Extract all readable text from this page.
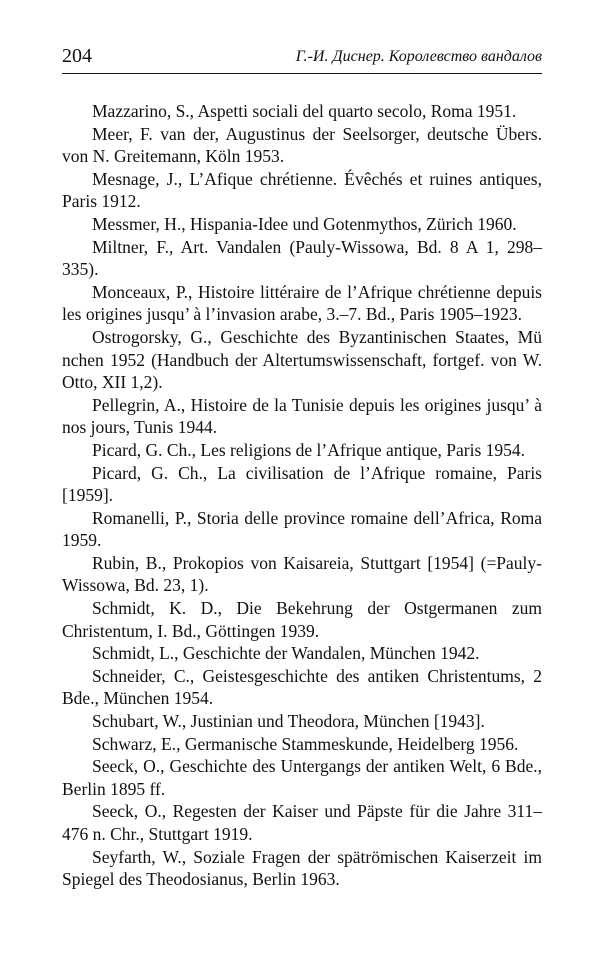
204	Г.-И. Диснер. Королевство вандалов
Mazzarino, S., Aspetti sociali del quarto secolo, Roma 1951.
Meer, F. van der, Augustinus der Seelsorger, deutsche Übers. von N. Greitemann, Köln 1953.
Mesnage, J., L’Afique chrétienne. Évêchés et ruines antiques, Paris 1912.
Messmer, H., Hispania-Idee und Gotenmythos, Zürich 1960.
Miltner, F., Art. Vandalen (Pauly-Wissowa, Bd. 8 A 1, 298–335).
Monceaux, P., Histoire littéraire de l’Afrique chrétienne depuis les origines jusqu’ à l’invasion arabe, 3.–7. Bd., Paris 1905–1923.
Ostrogorsky, G., Geschichte des Byzantinischen Staates, Mü nchen 1952 (Handbuch der Altertumswissenschaft, fortgef. von W. Otto, XII 1,2).
Pellegrin, A., Histoire de la Tunisie depuis les origines jusqu’ à nos jours, Tunis 1944.
Picard, G. Ch., Les religions de l’Afrique antique, Paris 1954.
Picard, G. Ch., La civilisation de l’Afrique romaine, Paris [1959].
Romanelli, P., Storia delle province romaine dell’Africa, Roma 1959.
Rubin, B., Prokopios von Kaisareia, Stuttgart [1954] (=Pauly-Wissowa, Bd. 23, 1).
Schmidt, K. D., Die Bekehrung der Ostgermanen zum Christentum, I. Bd., Göttingen 1939.
Schmidt, L., Geschichte der Wandalen, München 1942.
Schneider, C., Geistesgeschichte des antiken Christentums, 2 Bde., München 1954.
Schubart, W., Justinian und Theodora, München [1943].
Schwarz, E., Germanische Stammeskunde, Heidelberg 1956.
Seeck, O., Geschichte des Untergangs der antiken Welt, 6 Bde., Berlin 1895 ff.
Seeck, O., Regesten der Kaiser und Päpste für die Jahre 311–476 n. Chr., Stuttgart 1919.
Seyfarth, W., Soziale Fragen der spätrömischen Kaiserzeit im Spiegel des Theodosianus, Berlin 1963.
